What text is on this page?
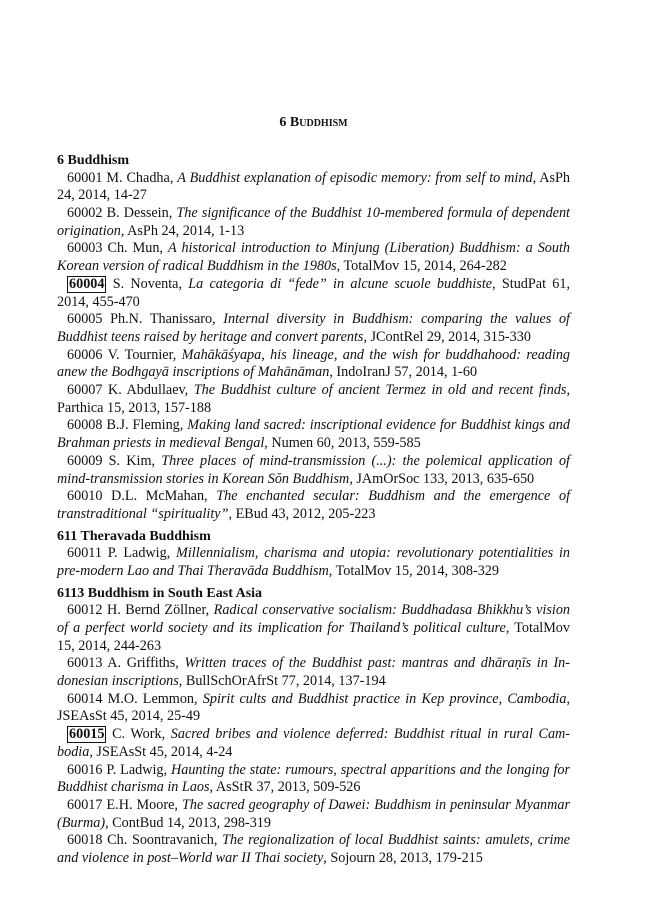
6 Buddhism
6 Buddhism

60001 M. Chadha, A Buddhist explanation of episodic memory: from self to mind, AsPh 24, 2014, 14-27

60002 B. Dessein, The significance of the Buddhist 10-membered formula of dependent origination, AsPh 24, 2014, 1-13

60003 Ch. Mun, A historical introduction to Minjung (Liberation) Buddhism: a South Korean version of radical Buddhism in the 1980s, TotalMov 15, 2014, 264-282

60004 S. Noventa, La categoria di “fede” in alcune scuole buddhiste, StudPat 61, 2014, 455-470

60005 Ph.N. Thanissaro, Internal diversity in Buddhism: comparing the values of Buddhist teens raised by heritage and convert parents, JContRel 29, 2014, 315-330

60006 V. Tournier, Mahākāśyapa, his lineage, and the wish for buddhahood: reading anew the Bodhgayā inscriptions of Mahānāman, IndoIranJ 57, 2014, 1-60

60007 K. Abdullaev, The Buddhist culture of ancient Termez in old and recent finds, Parthica 15, 2013, 157-188

60008 B.J. Fleming, Making land sacred: inscriptional evidence for Buddhist kings and Brahman priests in medieval Bengal, Numen 60, 2013, 559-585

60009 S. Kim, Three places of mind-transmission (...): the polemical application of mind-transmission stories in Korean Sŏn Buddhism, JAmOrSoc 133, 2013, 635-650

60010 D.L. McMahan, The enchanted secular: Buddhism and the emergence of transtraditional “spirituality”, EBud 43, 2012, 205-223

611 Theravada Buddhism

60011 P. Ladwig, Millennialism, charisma and utopia: revolutionary potentialities in pre-modern Lao and Thai Theravāda Buddhism, TotalMov 15, 2014, 308-329

6113 Buddhism in South East Asia

60012 H. Bernd Zöllner, Radical conservative socialism: Buddhadasa Bhikkhu’s vision of a perfect world society and its implication for Thailand’s political culture, TotalMov 15, 2014, 244-263

60013 A. Griffiths, Written traces of the Buddhist past: mantras and dhāraṇīs in Indonesian inscriptions, BullSchOrAfrSt 77, 2014, 137-194

60014 M.O. Lemmon, Spirit cults and Buddhist practice in Kep province, Cambodia, JSEAsSt 45, 2014, 25-49

60015 C. Work, Sacred bribes and violence deferred: Buddhist ritual in rural Cambodia, JSEAsSt 45, 2014, 4-24

60016 P. Ladwig, Haunting the state: rumours, spectral apparitions and the longing for Buddhist charisma in Laos, AsStR 37, 2013, 509-526

60017 E.H. Moore, The sacred geography of Dawei: Buddhism in peninsular Myanmar (Burma), ContBud 14, 2013, 298-319

60018 Ch. Soontravanich, The regionalization of local Buddhist saints: amulets, crime and violence in post–World war II Thai society, Sojourn 28, 2013, 179-215
